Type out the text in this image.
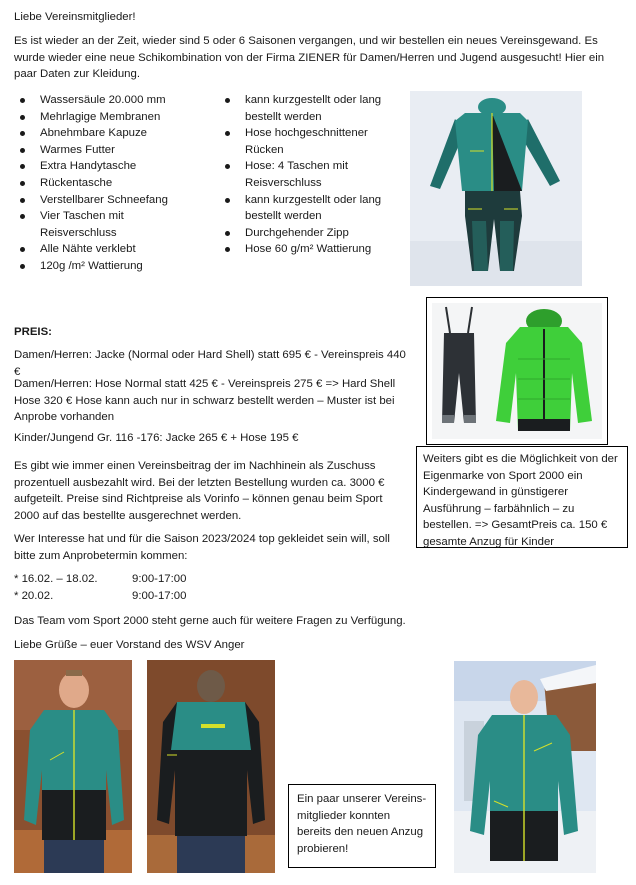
Liebe Vereinsmitglieder!

Es ist wieder an der Zeit, wieder sind 5 oder 6 Saisonen vergangen, und wir bestellen ein neues Vereinsgewand. Es wurde wieder eine neue Schikombination von der Firma ZIENER für Damen/Herren und Jugend ausgesucht! Hier ein paar Daten zur Kleidung.

Wassersäule 20.000 mm
Mehrlagige Membranen
Abnehmbare Kapuze
Warmes Futter
Extra Handytasche
Rückentasche
Verstellbarer Schneefang
Vier Taschen mit Reisverschluss
Alle Nähte verklebt
120g /m² Wattierung
kann kurzgestellt oder lang bestellt werden
Hose hochgeschnittener Rücken
Hose: 4 Taschen mit Reisverschluss
kann kurzgestellt oder lang bestellt werden
Durchgehender Zipp
Hose 60 g/m² Wattierung

PREIS:

Damen/Herren: Jacke (Normal oder Hard Shell) statt 695 € - Vereinspreis 440 €

Damen/Herren: Hose Normal statt 425 € - Vereinspreis 275 € => Hard Shell Hose 320 € Hose kann auch nur in schwarz bestellt werden – Muster ist bei Anprobe vorhanden

Kinder/Jungend Gr. 116 -176: Jacke 265 € + Hose 195 €

Weiters gibt es die Möglichkeit von der Eigenmarke von Sport 2000 ein Kindergewand in günstigerer Ausführung – farbähnlich – zu bestellen. => GesamtPreis ca. 150 € gesamte Anzug für Kinder

Es gibt wie immer einen Vereinsbeitrag der im Nachhinein als Zuschuss prozentuell ausbezahlt wird. Bei der letzten Bestellung wurden ca. 3000 € aufgeteilt. Preise sind Richtpreise als Vorinfo – können genau beim Sport 2000 auf das bestellte ausgerechnet werden.

Wer Interesse hat und für die Saison 2023/2024 top gekleidet sein will, soll bitte zum Anprobetermin kommen:

* 16.02. – 18.02.	9:00-17:00
* 20.02.	9:00-17:00

Das Team vom Sport 2000 steht gerne auch für weitere Fragen zu Verfügung.

Liebe Grüße – euer Vorstand des WSV Anger

Ein paar unserer Vereins-mitglieder konnten bereits den neuen Anzug probieren!
